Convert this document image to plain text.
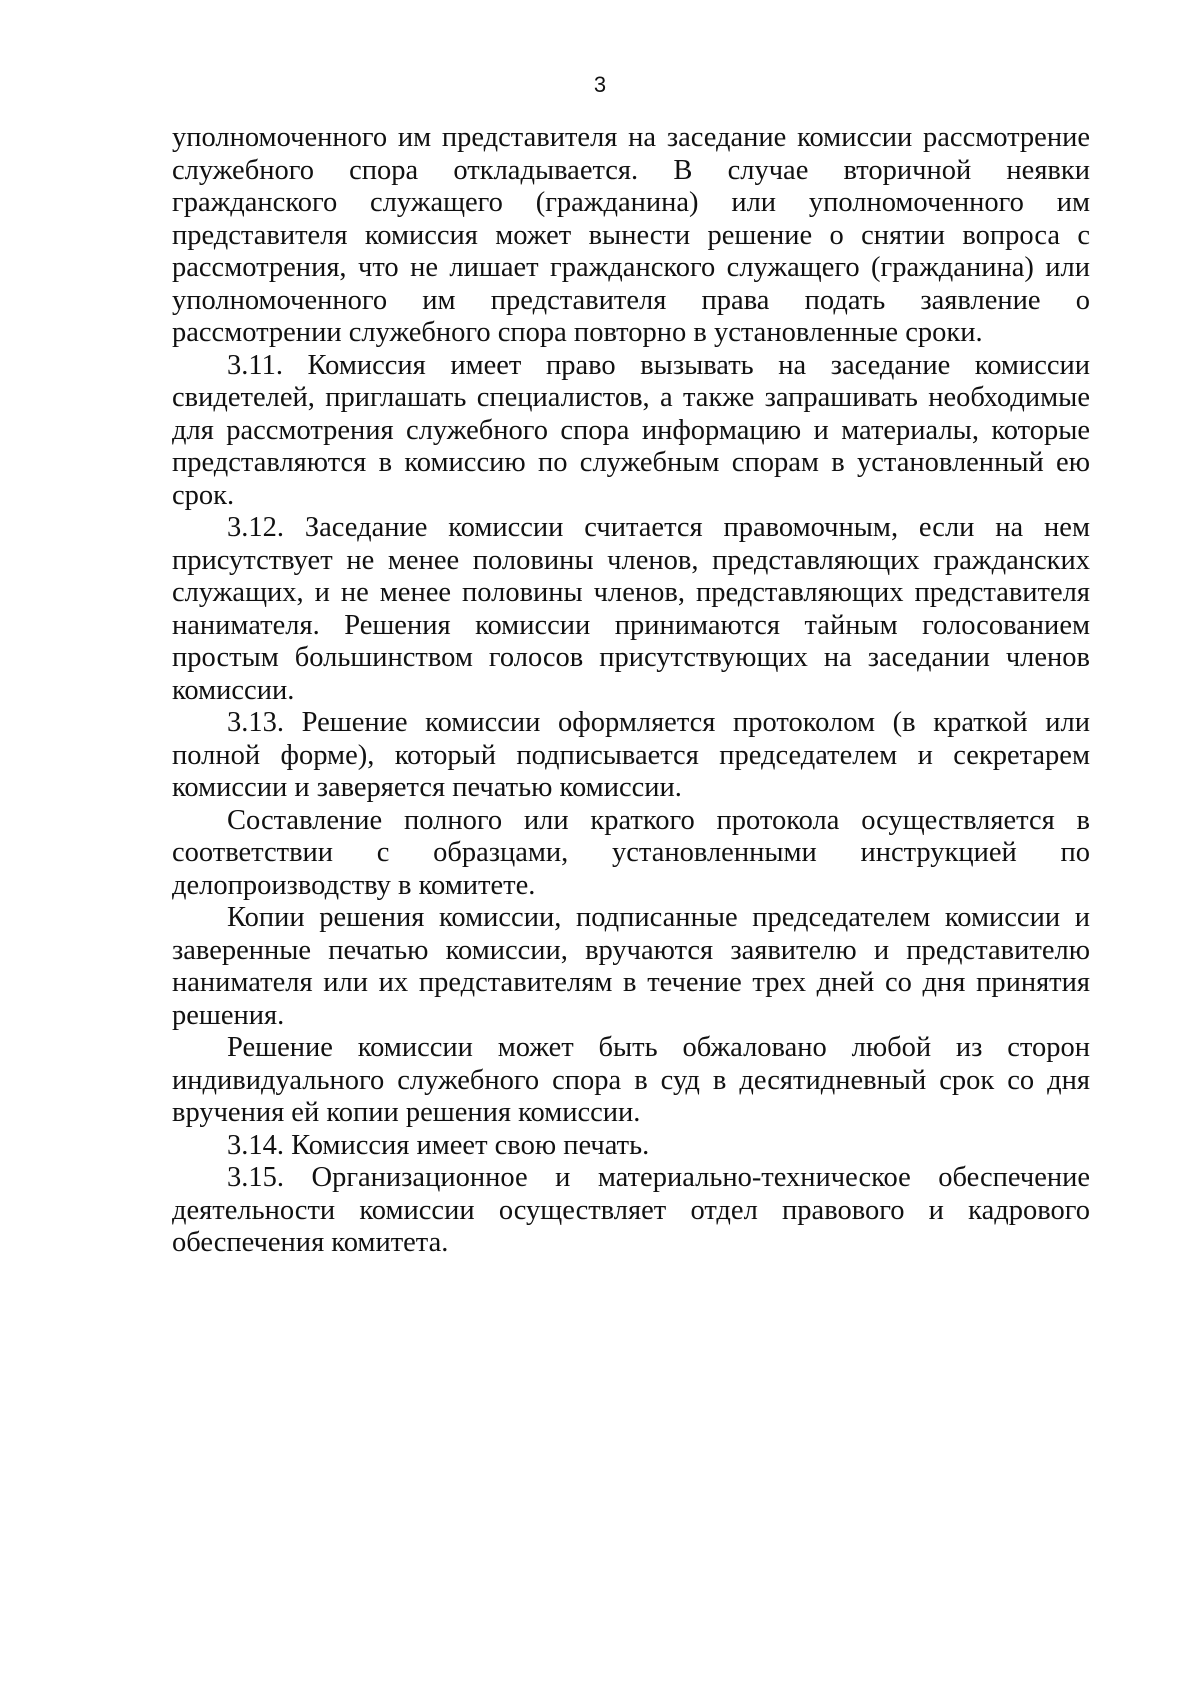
3

уполномоченного им представителя на заседание комиссии рассмотрение служебного спора откладывается. В случае вторичной неявки гражданского служащего (гражданина) или уполномоченного им представителя комиссия может вынести решение о снятии вопроса с рассмотрения, что не лишает гражданского служащего (гражданина) или уполномоченного им представителя права подать заявление о рассмотрении служебного спора повторно в установленные сроки.

3.11. Комиссия имеет право вызывать на заседание комиссии свидетелей, приглашать специалистов, а также запрашивать необходимые для рассмотрения служебного спора информацию и материалы, которые представляются в комиссию по служебным спорам в установленный ею срок.

3.12. Заседание комиссии считается правомочным, если на нем присутствует не менее половины членов, представляющих гражданских служащих, и не менее половины членов, представляющих представителя нанимателя. Решения комиссии принимаются тайным голосованием простым большинством голосов присутствующих на заседании членов комиссии.

3.13. Решение комиссии оформляется протоколом (в краткой или полной форме), который подписывается председателем и секретарем комиссии и заверяется печатью комиссии.

Составление полного или краткого протокола осуществляется в соответствии с образцами, установленными инструкцией по делопроизводству в комитете.

Копии решения комиссии, подписанные председателем комиссии и заверенные печатью комиссии, вручаются заявителю и представителю нанимателя или их представителям в течение трех дней со дня принятия решения.

Решение комиссии может быть обжаловано любой из сторон индивидуального служебного спора в суд в десятидневный срок со дня вручения ей копии решения комиссии.

3.14. Комиссия имеет свою печать.

3.15. Организационное и материально-техническое обеспечение деятельности комиссии осуществляет отдел правового и кадрового обеспечения комитета.
